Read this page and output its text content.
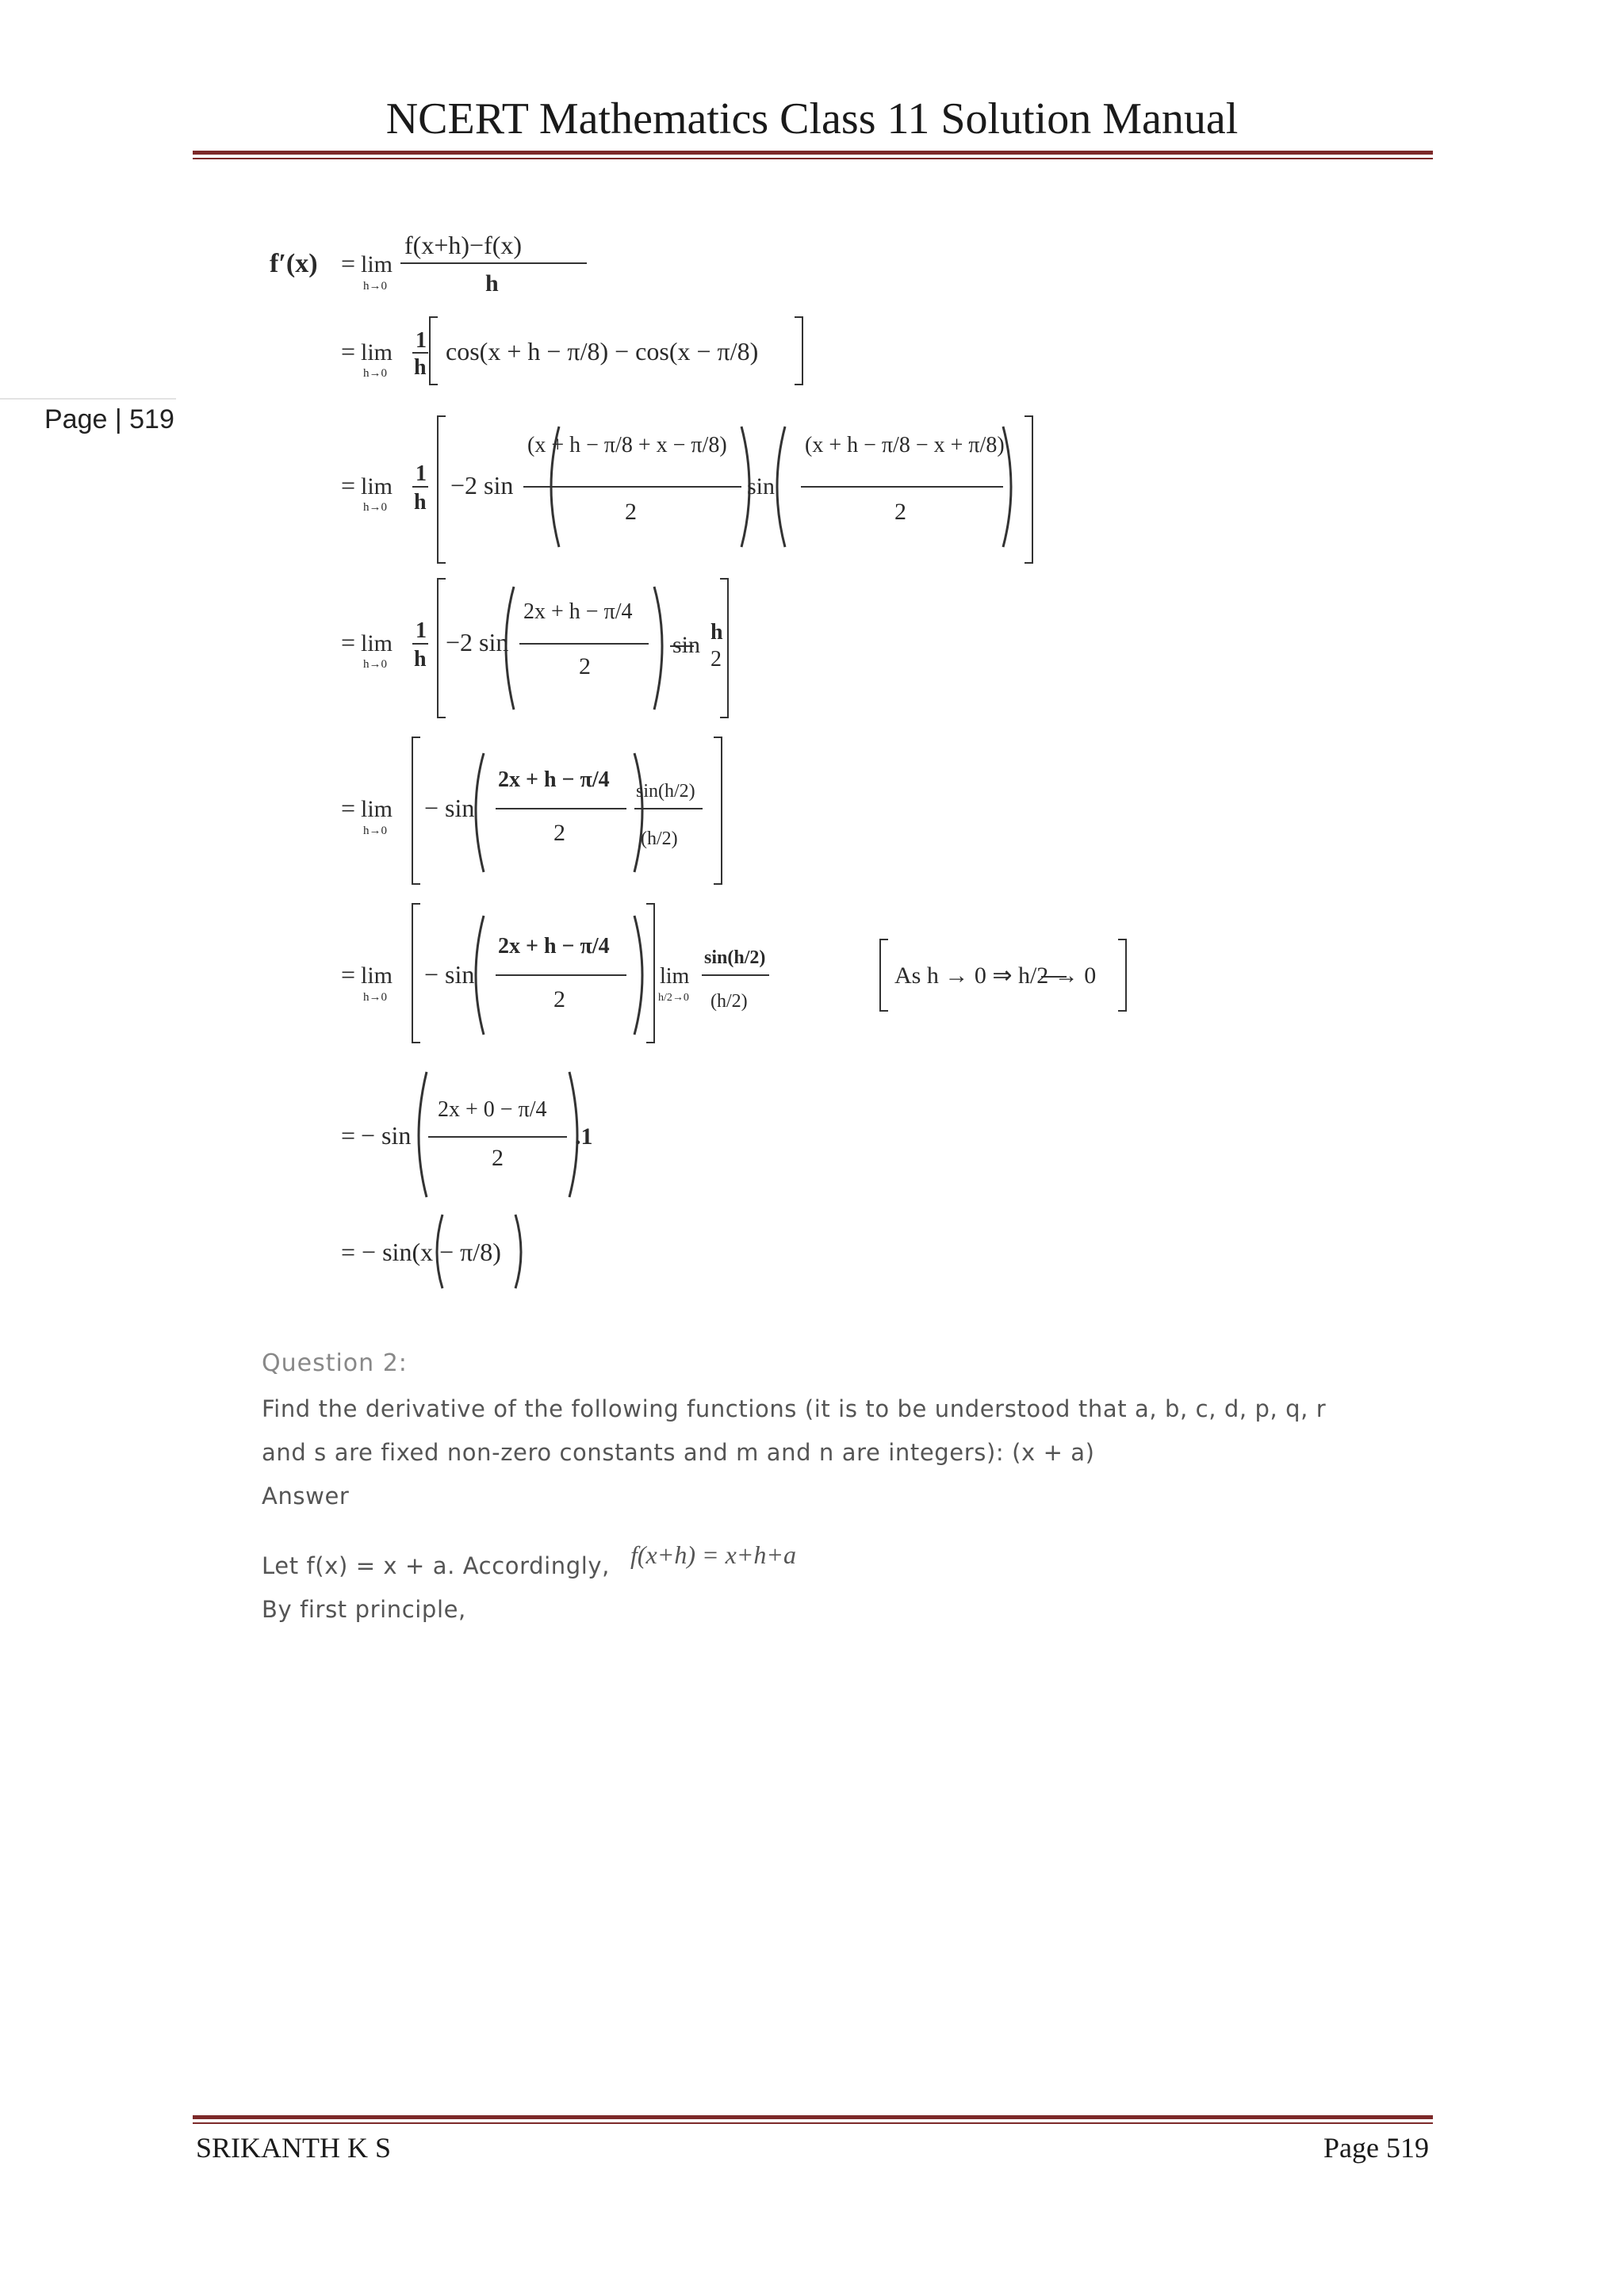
NCERT Mathematics Class 11 Solution Manual
Page | 519
f′(x) = lim
h→0
f(x+h)−f(x)
h
= lim
h→0
1
h
cos(x + h − π/8) − cos(x − π/8)
= lim
h→0
1
h
−2 sin
(x + h − π/8 + x − π/8)
2
sin
(x + h − π/8 − x + π/8)
2
= lim
h→0
1
h
−2 sin
2x + h − π/4
2
sin h
2
= lim
h→0
− sin
2x + h − π/4
2
sin(h/2)
(h/2)
= lim
h→0
− sin
2x + h − π/4
2
lim
h/2→0
sin(h/2)
(h/2)
As h → 0 ⇒ h/2 → 0
= − sin
2x + 0 − π/4
2
.1
= − sin(x − π/8)
Question 2:
Find the derivative of the following functions (it is to be understood that a, b, c, d, p, q, r
and s are fixed non-zero constants and m and n are integers): (x + a)
Answer
Let f(x) = x + a. Accordingly, f(x+h) = x+h+a
By first principle,
SRIKANTH K S	Page 519
